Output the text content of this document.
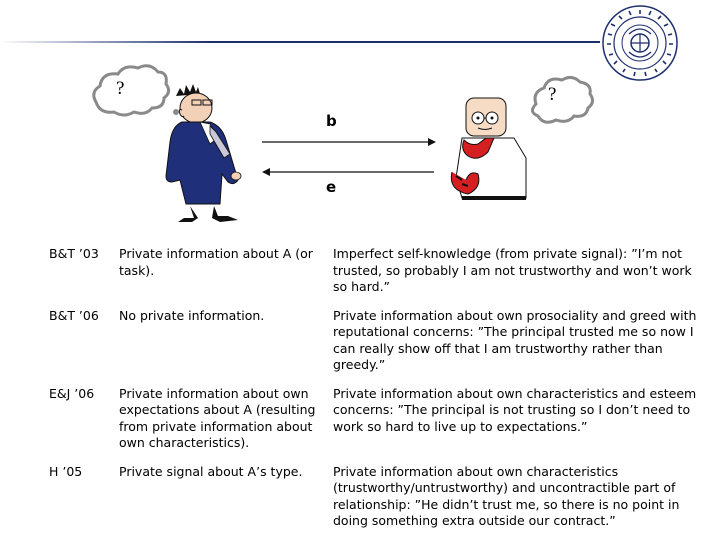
?	?
b
e
B&T ’03	Private information about A (or task).	Imperfect self-knowledge (from private signal): ”I’m not trusted, so probably I am not trustworthy and won’t work so hard.”
B&T ’06	No private information.	Private information about own prosociality and greed with reputational concerns: ”The principal trusted me so now I can really show off that I am trustworthy rather than greedy.”
E&J ’06	Private information about own expectations about A (resulting from private information about own characteristics).	Private information about own characteristics and esteem concerns: ”The principal is not trusting so I don’t need to work so hard to live up to expectations.”
H ’05	Private signal about A’s type.	Private information about own characteristics (trustworthy/untrustworthy) and uncontractible part of relationship: ”He didn’t trust me, so there is no point in doing something extra outside our contract.”
